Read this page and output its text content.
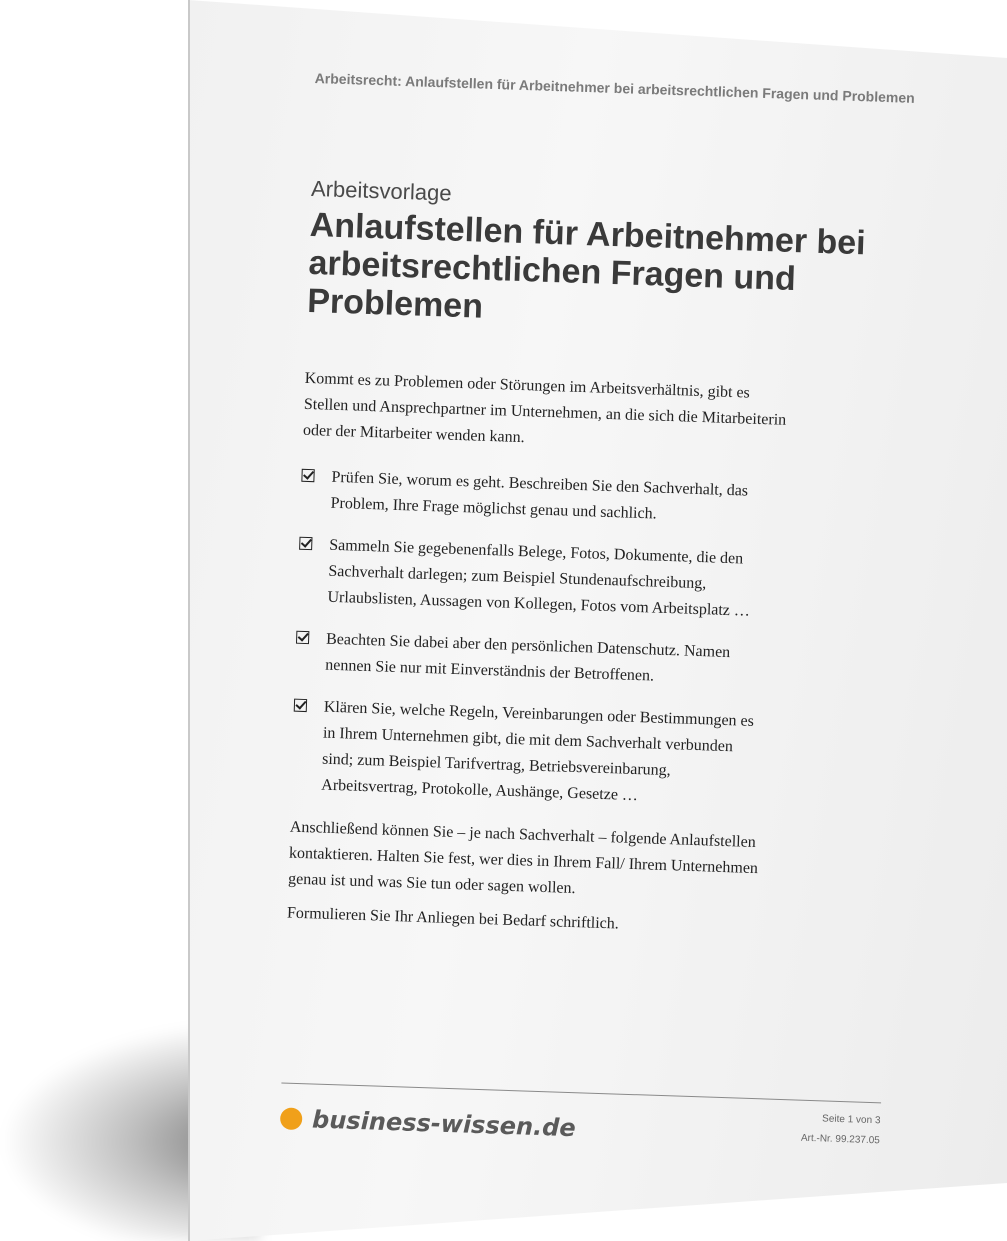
Arbeitsrecht: Anlaufstellen für Arbeitnehmer bei arbeitsrechtlichen Fragen und Problemen
Arbeitsvorlage
Anlaufstellen für Arbeitnehmer bei arbeitsrechtlichen Fragen und Problemen
Kommt es zu Problemen oder Störungen im Arbeitsverhältnis, gibt es Stellen und Ansprechpartner im Unternehmen, an die sich die Mitarbeiterin oder der Mitarbeiter wenden kann.
Prüfen Sie, worum es geht. Beschreiben Sie den Sachverhalt, das Problem, Ihre Frage möglichst genau und sachlich.
Sammeln Sie gegebenenfalls Belege, Fotos, Dokumente, die den Sachverhalt darlegen; zum Beispiel Stundenaufschreibung, Urlaubslisten, Aussagen von Kollegen, Fotos vom Arbeitsplatz …
Beachten Sie dabei aber den persönlichen Datenschutz. Namen nennen Sie nur mit Einverständnis der Betroffenen.
Klären Sie, welche Regeln, Vereinbarungen oder Bestimmungen es in Ihrem Unternehmen gibt, die mit dem Sachverhalt verbunden sind; zum Beispiel Tarifvertrag, Betriebsvereinbarung, Arbeitsvertrag, Protokolle, Aushänge, Gesetze …

Anschließend können Sie – je nach Sachverhalt – folgende Anlaufstellen kontaktieren. Halten Sie fest, wer dies in Ihrem Fall/ Ihrem Unternehmen genau ist und was Sie tun oder sagen wollen.

Formulieren Sie Ihr Anliegen bei Bedarf schriftlich.

Seite 1 von 3
Art.-Nr. 99.237.05
business-wissen.de
